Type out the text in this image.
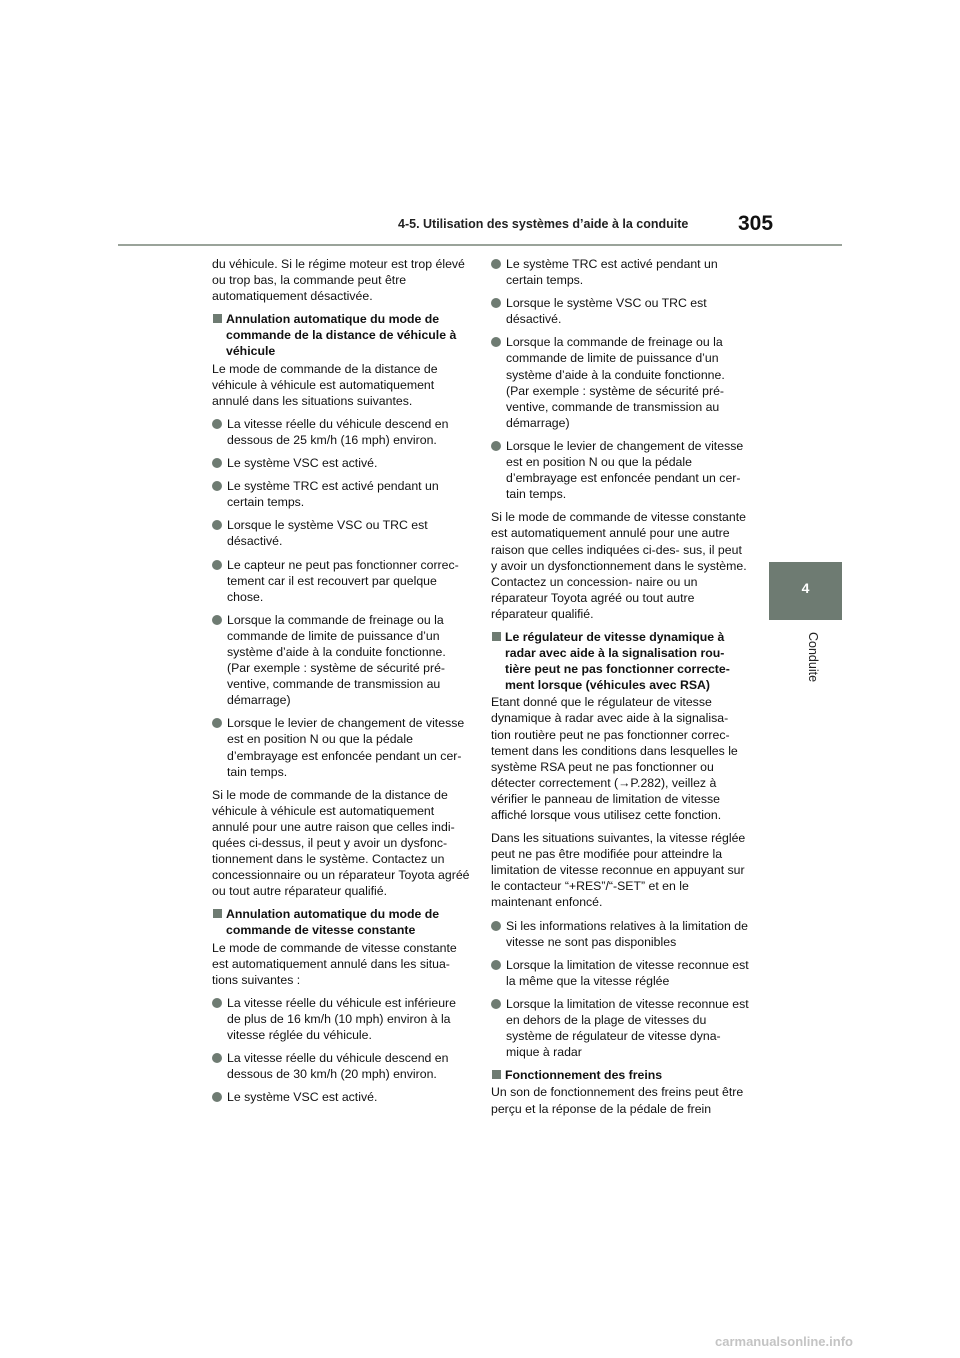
4-5. Utilisation des systèmes d’aide à la conduite 305
4
Conduite
du véhicule. Si le régime moteur est trop élevé ou trop bas, la commande peut être automatiquement désactivée.
Annulation automatique du mode de commande de la distance de véhicule à véhicule
Le mode de commande de la distance de véhicule à véhicule est automatiquement annulé dans les situations suivantes.
La vitesse réelle du véhicule descend en dessous de 25 km/h (16 mph) environ.
Le système VSC est activé.
Le système TRC est activé pendant un certain temps.
Lorsque le système VSC ou TRC est désactivé.
Le capteur ne peut pas fonctionner correc- tement car il est recouvert par quelque chose.
Lorsque la commande de freinage ou la commande de limite de puissance d’un système d’aide à la conduite fonctionne. (Par exemple : système de sécurité pré- ventive, commande de transmission au démarrage)
Lorsque le levier de changement de vitesse est en position N ou que la pédale d’embrayage est enfoncée pendant un cer- tain temps.
Si le mode de commande de la distance de véhicule à véhicule est automatiquement annulé pour une autre raison que celles indi- quées ci-dessus, il peut y avoir un dysfonc- tionnement dans le système. Contactez un concessionnaire ou un réparateur Toyota agréé ou tout autre réparateur qualifié.
Annulation automatique du mode de commande de vitesse constante
Le mode de commande de vitesse constante est automatiquement annulé dans les situa- tions suivantes :
La vitesse réelle du véhicule est inférieure de plus de 16 km/h (10 mph) environ à la vitesse réglée du véhicule.
La vitesse réelle du véhicule descend en dessous de 30 km/h (20 mph) environ.
Le système VSC est activé.
Le système TRC est activé pendant un certain temps.
Lorsque le système VSC ou TRC est désactivé.
Lorsque la commande de freinage ou la commande de limite de puissance d’un système d’aide à la conduite fonctionne. (Par exemple : système de sécurité pré- ventive, commande de transmission au démarrage)
Lorsque le levier de changement de vitesse est en position N ou que la pédale d’embrayage est enfoncée pendant un cer- tain temps.
Si le mode de commande de vitesse constante est automatiquement annulé pour une autre raison que celles indiquées ci-des- sus, il peut y avoir un dysfonctionnement dans le système. Contactez un concession- naire ou un réparateur Toyota agréé ou tout autre réparateur qualifié.
Le régulateur de vitesse dynamique à radar avec aide à la signalisation rou- tière peut ne pas fonctionner correcte- ment lorsque (véhicules avec RSA)
Etant donné que le régulateur de vitesse dynamique à radar avec aide à la signalisa- tion routière peut ne pas fonctionner correc- tement dans les conditions dans lesquelles le système RSA peut ne pas fonctionner ou détecter correctement (→P.282), veillez à vérifier le panneau de limitation de vitesse affiché lorsque vous utilisez cette fonction.
Dans les situations suivantes, la vitesse réglée peut ne pas être modifiée pour atteindre la limitation de vitesse reconnue en appuyant sur le contacteur “+RES”/“-SET” et en le maintenant enfoncé.
Si les informations relatives à la limitation de vitesse ne sont pas disponibles
Lorsque la limitation de vitesse reconnue est la même que la vitesse réglée
Lorsque la limitation de vitesse reconnue est en dehors de la plage de vitesses du système de régulateur de vitesse dyna- mique à radar
Fonctionnement des freins
Un son de fonctionnement des freins peut être perçu et la réponse de la pédale de frein
carmanualsonline.info
